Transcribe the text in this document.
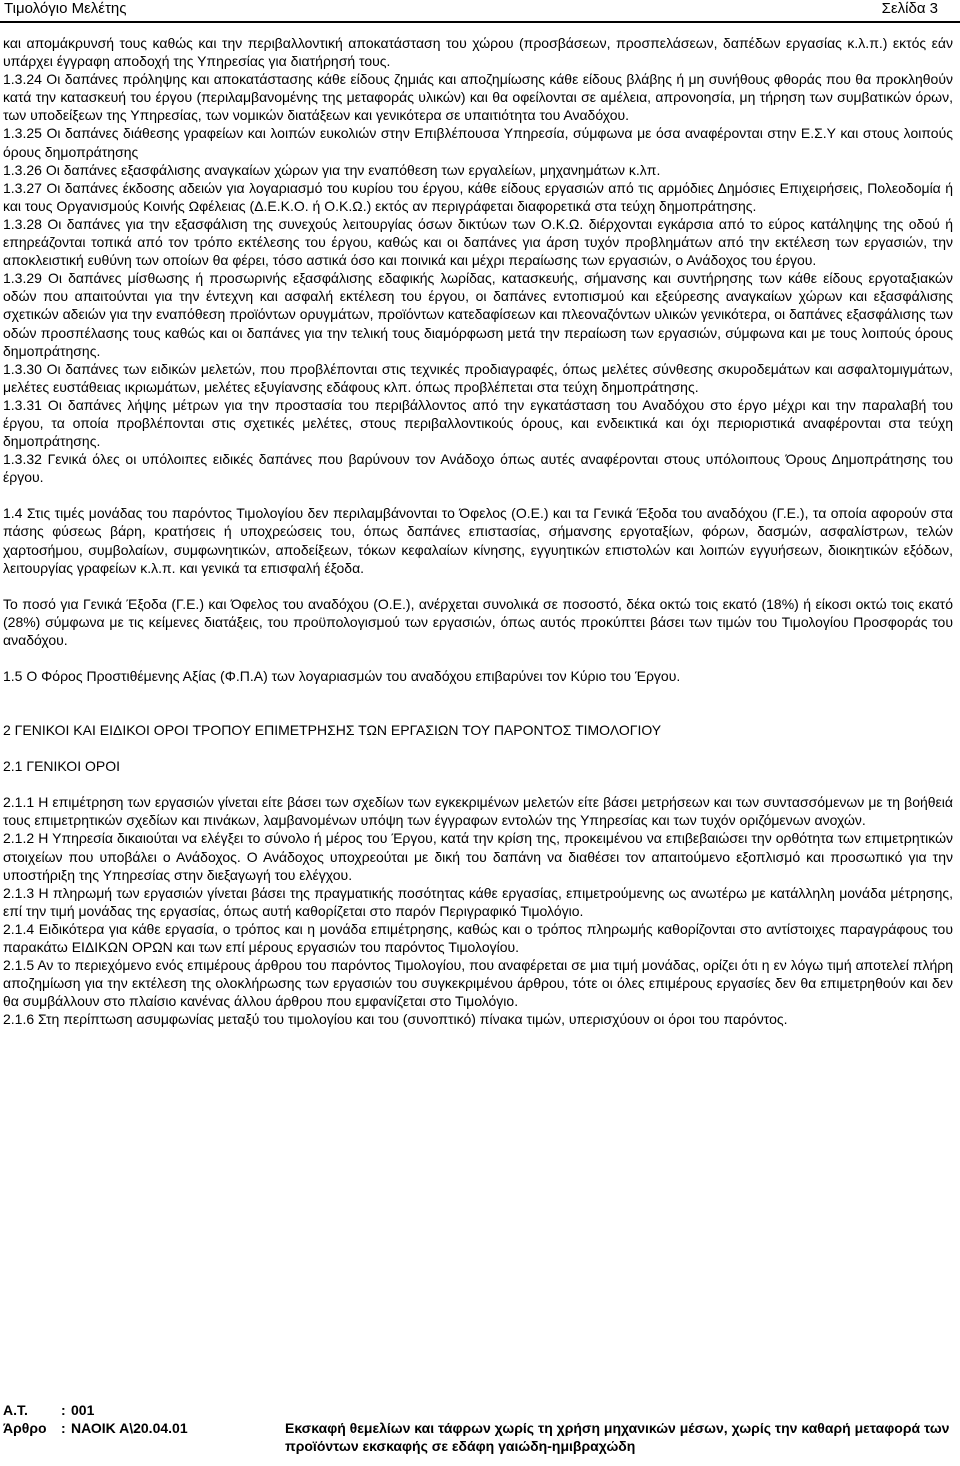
Τιμολόγιο Μελέτης	Σελίδα 3

και απομάκρυνσή τους καθώς και την περιβαλλοντική αποκατάσταση του χώρου (προσβάσεων, προσπελάσεων, δαπέδων εργασίας κ.λ.π.) εκτός εάν υπάρχει έγγραφη αποδοχή της Υπηρεσίας για διατήρησή τους.

1.3.24 Οι δαπάνες πρόληψης και αποκατάστασης κάθε είδους ζημιάς και αποζημίωσης κάθε είδους βλάβης ή μη συνήθους φθοράς που θα προκληθούν κατά την κατασκευή του έργου (περιλαμβανομένης της μεταφοράς υλικών) και θα οφείλονται σε αμέλεια, απρονοησία, μη τήρηση των συμβατικών όρων, των υποδείξεων της Υπηρεσίας, των νομικών διατάξεων και γενικότερα σε υπαιτιότητα του Αναδόχου.

1.3.25 Οι δαπάνες διάθεσης γραφείων και λοιπών ευκολιών στην Επιβλέπουσα Υπηρεσία, σύμφωνα με όσα αναφέρονται στην Ε.Σ.Υ και στους λοιπούς όρους δημοπράτησης

1.3.26 Οι δαπάνες εξασφάλισης αναγκαίων χώρων για την εναπόθεση των εργαλείων, μηχανημάτων κ.λπ.

1.3.27 Οι δαπάνες έκδοσης αδειών για λογαριασμό του κυρίου του έργου, κάθε είδους εργασιών από τις αρμόδιες Δημόσιες Επιχειρήσεις, Πολεοδομία ή και τους Οργανισμούς Κοινής Ωφέλειας (Δ.Ε.Κ.Ο. ή Ο.Κ.Ω.) εκτός αν περιγράφεται διαφορετικά στα τεύχη δημοπράτησης.

1.3.28 Οι δαπάνες για την εξασφάλιση της συνεχούς λειτουργίας όσων δικτύων των Ο.Κ.Ω. διέρχονται εγκάρσια από το εύρος κατάληψης της οδού ή επηρεάζονται τοπικά από τον τρόπο εκτέλεσης του έργου, καθώς και οι δαπάνες για άρση τυχόν προβλημάτων από την εκτέλεση των εργασιών, την αποκλειστική ευθύνη των οποίων θα φέρει, τόσο αστικά όσο και ποινικά και μέχρι περαίωσης των εργασιών, ο Ανάδοχος του έργου.

1.3.29 Οι δαπάνες μίσθωσης ή προσωρινής εξασφάλισης εδαφικής λωρίδας, κατασκευής, σήμανσης και συντήρησης των κάθε είδους εργοταξιακών οδών που απαιτούνται για την έντεχνη και ασφαλή εκτέλεση του έργου, οι δαπάνες εντοπισμού και εξεύρεσης αναγκαίων χώρων και εξασφάλισης σχετικών αδειών για την εναπόθεση προϊόντων ορυγμάτων, προϊόντων κατεδαφίσεων και πλεοναζόντων υλικών γενικότερα, οι δαπάνες εξασφάλισης των οδών προσπέλασης τους καθώς και οι δαπάνες για την τελική τους διαμόρφωση μετά την περαίωση των εργασιών, σύμφωνα και με τους λοιπούς όρους δημοπράτησης.

1.3.30 Οι δαπάνες των ειδικών μελετών, που προβλέπονται στις τεχνικές προδιαγραφές, όπως μελέτες σύνθεσης σκυροδεμάτων και ασφαλτομιγμάτων, μελέτες ευστάθειας ικριωμάτων, μελέτες εξυγίανσης εδάφους κλπ. όπως προβλέπεται στα τεύχη δημοπράτησης.

1.3.31 Οι δαπάνες λήψης μέτρων για την προστασία του περιβάλλοντος από την εγκατάσταση του Αναδόχου στο έργο μέχρι και την παραλαβή του έργου, τα οποία προβλέπονται στις σχετικές μελέτες, στους περιβαλλοντικούς όρους, και ενδεικτικά και όχι περιοριστικά αναφέρονται στα τεύχη δημοπράτησης.

1.3.32 Γενικά όλες οι υπόλοιπες ειδικές δαπάνες που βαρύνουν τον Ανάδοχο όπως αυτές αναφέρονται στους υπόλοιπους Όρους Δημοπράτησης του έργου.

1.4 Στις τιμές μονάδας του παρόντος Τιμολογίου δεν περιλαμβάνονται το Όφελος (Ο.Ε.) και τα Γενικά Έξοδα του αναδόχου (Γ.Ε.), τα οποία αφορούν στα πάσης φύσεως βάρη, κρατήσεις ή υποχρεώσεις του, όπως δαπάνες επιστασίας, σήμανσης εργοταξίων, φόρων, δασμών, ασφαλίστρων, τελών χαρτοσήμου, συμβολαίων, συμφωνητικών, αποδείξεων, τόκων κεφαλαίων κίνησης, εγγυητικών επιστολών και λοιπών εγγυήσεων, διοικητικών εξόδων, λειτουργίας γραφείων κ.λ.π. και γενικά τα επισφαλή έξοδα.

Το ποσό για Γενικά Έξοδα (Γ.Ε.) και Όφελος του αναδόχου (Ο.Ε.), ανέρχεται συνολικά σε ποσοστό, δέκα οκτώ τοις εκατό (18%) ή είκοσι οκτώ τοις εκατό (28%) σύμφωνα με τις κείμενες διατάξεις, του προϋπολογισμού των εργασιών, όπως αυτός προκύπτει βάσει των τιμών του Τιμολογίου Προσφοράς του αναδόχου.

1.5 Ο Φόρος Προστιθέμενης Αξίας (Φ.Π.Α) των λογαριασμών του αναδόχου επιβαρύνει τον Κύριο του Έργου.

2 ΓΕΝΙΚΟΙ ΚΑΙ ΕΙΔΙΚΟΙ ΟΡΟΙ ΤΡΟΠΟΥ ΕΠΙΜΕΤΡΗΣΗΣ ΤΩΝ ΕΡΓΑΣΙΩΝ ΤΟΥ ΠΑΡΟΝΤΟΣ ΤΙΜΟΛΟΓΙΟΥ

2.1 ΓΕΝΙΚΟΙ ΟΡΟΙ

2.1.1 Η επιμέτρηση των εργασιών γίνεται είτε βάσει των σχεδίων των εγκεκριμένων μελετών είτε βάσει μετρήσεων και των συντασσόμενων με τη βοήθειά τους επιμετρητικών σχεδίων και πινάκων, λαμβανομένων υπόψη των έγγραφων εντολών της Υπηρεσίας και των τυχόν οριζόμενων ανοχών.

2.1.2 Η Υπηρεσία δικαιούται να ελέγξει το σύνολο ή μέρος του Έργου, κατά την κρίση της, προκειμένου να επιβεβαιώσει την ορθότητα των επιμετρητικών στοιχείων που υποβάλει ο Ανάδοχος. Ο Ανάδοχος υποχρεούται με δική του δαπάνη να διαθέσει τον απαιτούμενο εξοπλισμό και προσωπικό για την υποστήριξη της Υπηρεσίας στην διεξαγωγή του ελέγχου.

2.1.3 Η πληρωμή των εργασιών γίνεται βάσει της πραγματικής ποσότητας κάθε εργασίας, επιμετρούμενης ως ανωτέρω με κατάλληλη μονάδα μέτρησης, επί την τιμή μονάδας της εργασίας, όπως αυτή καθορίζεται στο παρόν Περιγραφικό Τιμολόγιο.

2.1.4 Ειδικότερα για κάθε εργασία, ο τρόπος και η μονάδα επιμέτρησης, καθώς και ο τρόπος πληρωμής καθορίζονται στο αντίστοιχες παραγράφους του παρακάτω ΕΙΔΙΚΩΝ ΟΡΩΝ και των επί μέρους εργασιών του παρόντος Τιμολογίου.

2.1.5 Αν το περιεχόμενο ενός επιμέρους άρθρου του παρόντος Τιμολογίου, που αναφέρεται σε μια τιμή μονάδας, ορίζει ότι η εν λόγω τιμή αποτελεί πλήρη αποζημίωση για την εκτέλεση της ολοκλήρωσης των εργασιών του συγκεκριμένου άρθρου, τότε οι όλες επιμέρους εργασίες δεν θα επιμετρηθούν και δεν θα συμβάλλουν στο πλαίσιο κανένας άλλου άρθρου που εμφανίζεται στο Τιμολόγιο.

2.1.6 Στη περίπτωση ασυμφωνίας μεταξύ του τιμολογίου και του (συνοπτικό) πίνακα τιμών, υπερισχύουν οι όροι του παρόντος.

Α.Τ. : 001
Άρθρο : ΝΑΟΙΚ Α\20.04.01	Εκσκαφή θεμελίων και τάφρων χωρίς τη χρήση μηχανικών μέσων, χωρίς την καθαρή μεταφορά των προϊόντων εκσκαφής σε εδάφη γαιώδη-ημιβραχώδη
